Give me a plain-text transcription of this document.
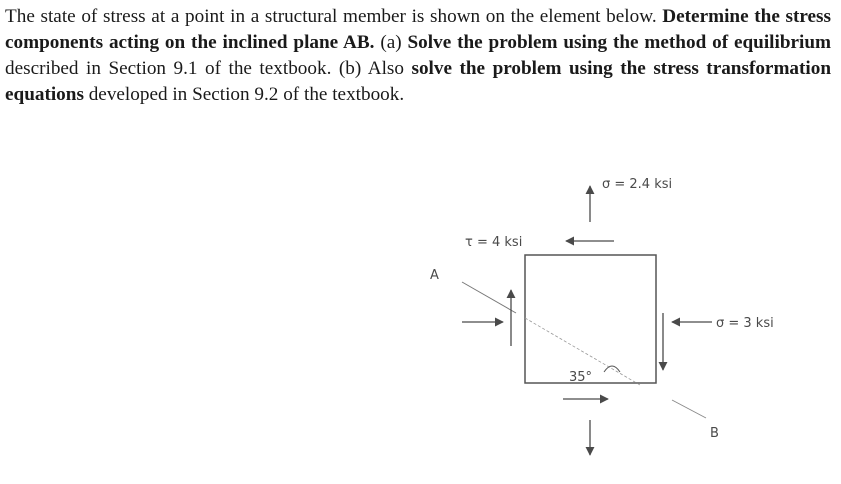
The state of stress at a point in a structural member is shown on the element below. Determine the stress components acting on the inclined plane AB. (a) Solve the problem using the method of equilibrium described in Section 9.1 of the textbook. (b) Also solve the problem using the stress transformation equations developed in Section 9.2 of the textbook.

σ = 2.4 ksi
τ = 4 ksi
σ = 3 ksi
35°
A
B
